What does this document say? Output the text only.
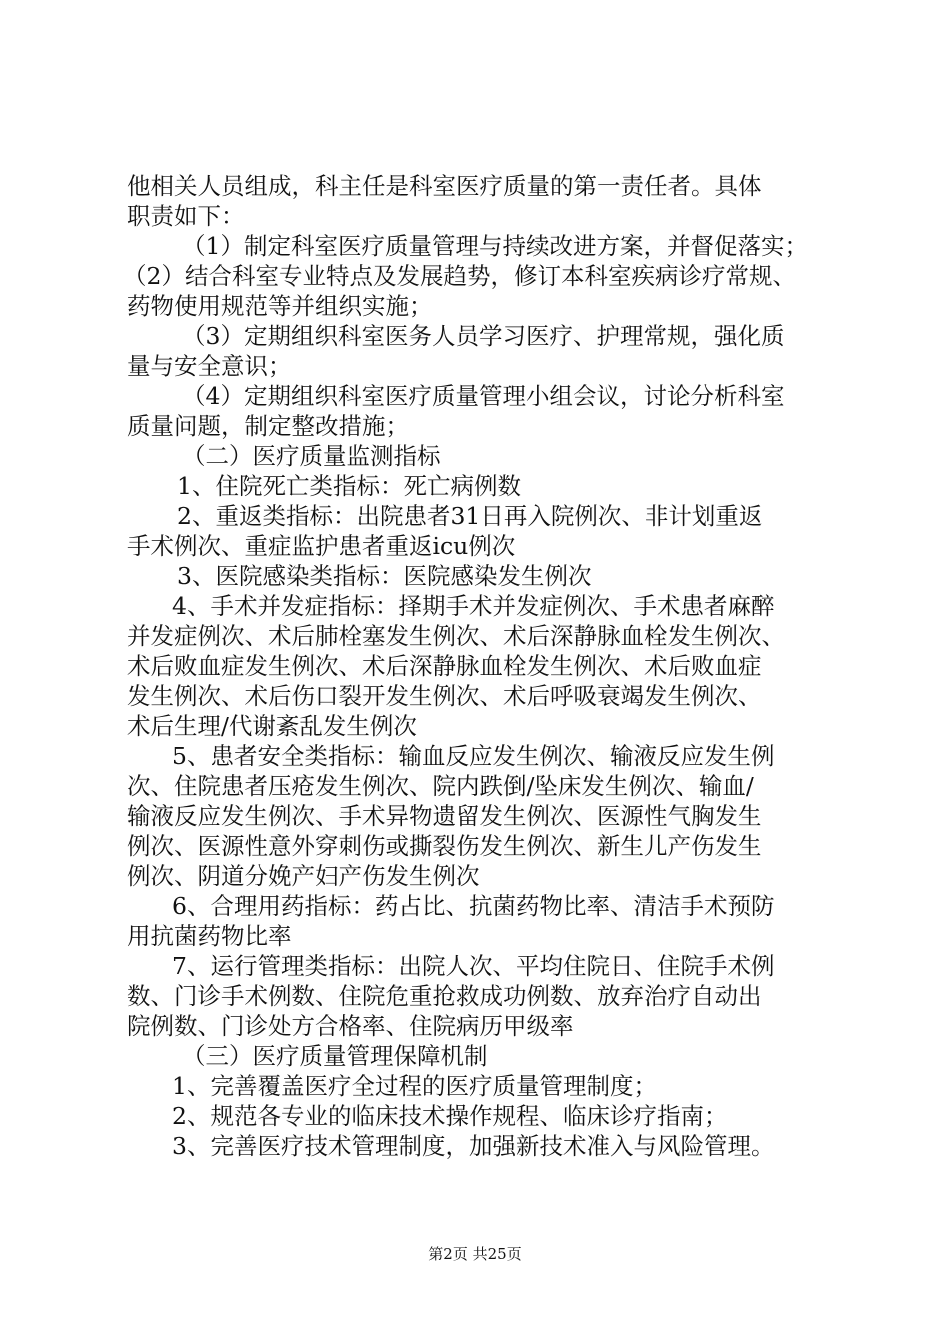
他相关人员组成，科主任是科室医疗质量的第一责任者。具体
职责如下：
（1）制定科室医疗质量管理与持续改进方案，并督促落实；
（2）结合科室专业特点及发展趋势，修订本科室疾病诊疗常规、
药物使用规范等并组织实施；
（3）定期组织科室医务人员学习医疗、护理常规，强化质
量与安全意识；
（4）定期组织科室医疗质量管理小组会议，讨论分析科室
质量问题，制定整改措施；
（二）医疗质量监测指标
1、住院死亡类指标：死亡病例数
2、重返类指标：出院患者31日再入院例次、非计划重返
手术例次、重症监护患者重返icu例次
3、医院感染类指标：医院感染发生例次
4、手术并发症指标：择期手术并发症例次、手术患者麻醉
并发症例次、术后肺栓塞发生例次、术后深静脉血栓发生例次、
术后败血症发生例次、术后深静脉血栓发生例次、术后败血症
发生例次、术后伤口裂开发生例次、术后呼吸衰竭发生例次、
术后生理/代谢紊乱发生例次
5、患者安全类指标：输血反应发生例次、输液反应发生例
次、住院患者压疮发生例次、院内跌倒/坠床发生例次、输血/
输液反应发生例次、手术异物遗留发生例次、医源性气胸发生
例次、医源性意外穿刺伤或撕裂伤发生例次、新生儿产伤发生
例次、阴道分娩产妇产伤发生例次
6、合理用药指标：药占比、抗菌药物比率、清洁手术预防
用抗菌药物比率
7、运行管理类指标：出院人次、平均住院日、住院手术例
数、门诊手术例数、住院危重抢救成功例数、放弃治疗自动出
院例数、门诊处方合格率、住院病历甲级率
（三）医疗质量管理保障机制
1、完善覆盖医疗全过程的医疗质量管理制度；
2、规范各专业的临床技术操作规程、临床诊疗指南；
3、完善医疗技术管理制度，加强新技术准入与风险管理。
第2页 共25页
